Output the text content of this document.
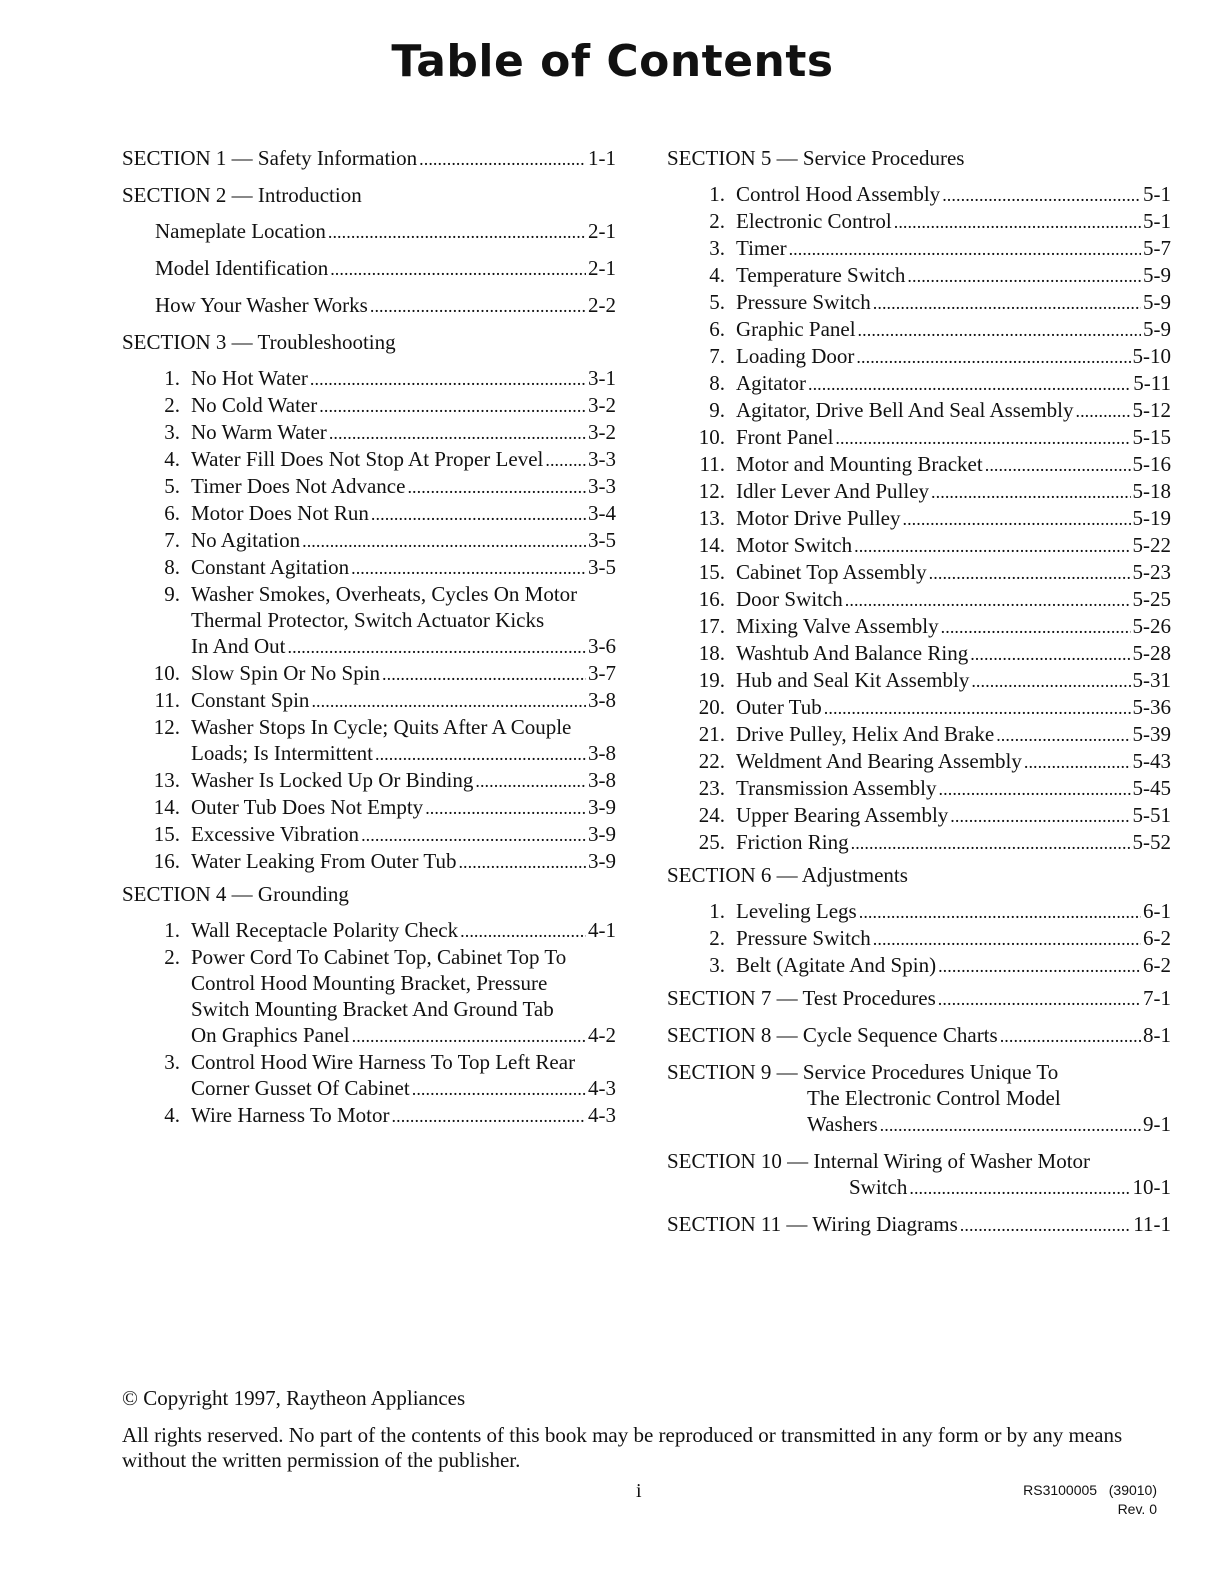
Table of Contents
SECTION 1 — Safety Information . . .	1-1
SECTION 2 — Introduction
Nameplate Location . . .	2-1
Model Identification . . .	2-1
How Your Washer Works . . .	2-2
SECTION 3 — Troubleshooting
1. No Hot Water . . .	3-1
2. No Cold Water . . .	3-2
3. No Warm Water . . .	3-2
4. Water Fill Does Not Stop At Proper Level . . . 3-3
5. Timer Does Not Advance . . .	3-3
6. Motor Does Not Run . . .	3-4
7. No Agitation . . .	3-5
8. Constant Agitation . . .	3-5
9. Washer Smokes, Overheats, Cycles On Motor
Thermal Protector, Switch Actuator Kicks
In And Out . . .	3-6
10. Slow Spin Or No Spin . . .	3-7
11. Constant Spin . . .	3-8
12. Washer Stops In Cycle; Quits After A Couple
Loads; Is Intermittent . . .	3-8
13. Washer Is Locked Up Or Binding . . .	3-8
14. Outer Tub Does Not Empty . . .	3-9
15. Excessive Vibration . . .	3-9
16. Water Leaking From Outer Tub . . .	3-9
SECTION 4 — Grounding
1. Wall Receptacle Polarity Check . . .	4-1
2. Power Cord To Cabinet Top, Cabinet Top To
Control Hood Mounting Bracket, Pressure
Switch Mounting Bracket And Ground Tab
On Graphics Panel . . .	4-2
3. Control Hood Wire Harness To Top Left Rear
Corner Gusset Of Cabinet . . .	4-3
4. Wire Harness To Motor . . .	4-3
SECTION 5 — Service Procedures
1. Control Hood Assembly . . .	5-1
2. Electronic Control . . .	5-1
3. Timer . . .	5-7
4. Temperature Switch . . .	5-9
5. Pressure Switch . . .	5-9
6. Graphic Panel . . .	5-9
7. Loading Door . . .	5-10
8. Agitator . . .	5-11
9. Agitator, Drive Bell And Seal Assembly . . .	5-12
10. Front Panel . . .	5-15
11. Motor and Mounting Bracket . . .	5-16
12. Idler Lever And Pulley . . .	5-18
13. Motor Drive Pulley . . .	5-19
14. Motor Switch . . .	5-22
15. Cabinet Top Assembly . . .	5-23
16. Door Switch . . .	5-25
17. Mixing Valve Assembly . . .	5-26
18. Washtub And Balance Ring . . .	5-28
19. Hub and Seal Kit Assembly . . .	5-31
20. Outer Tub . . .	5-36
21. Drive Pulley, Helix And Brake . . .	5-39
22. Weldment And Bearing Assembly . . .	5-43
23. Transmission Assembly . . .	5-45
24. Upper Bearing Assembly . . .	5-51
25. Friction Ring . . .	5-52
SECTION 6 — Adjustments
1. Leveling Legs . . .	6-1
2. Pressure Switch . . .	6-2
3. Belt (Agitate And Spin) . . .	6-2
SECTION 7 — Test Procedures . . .	7-1
SECTION 8 — Cycle Sequence Charts . . .	8-1
SECTION 9 — Service Procedures Unique To
The Electronic Control Model
Washers . . .	9-1
SECTION 10 — Internal Wiring of Washer Motor
Switch . . .	10-1
SECTION 11 — Wiring Diagrams . . .	11-1
© Copyright 1997, Raytheon Appliances
All rights reserved. No part of the contents of this book may be reproduced or transmitted in any form or by any means without the written permission of the publisher.
i	RS3100005   (39010)
Rev. 0
